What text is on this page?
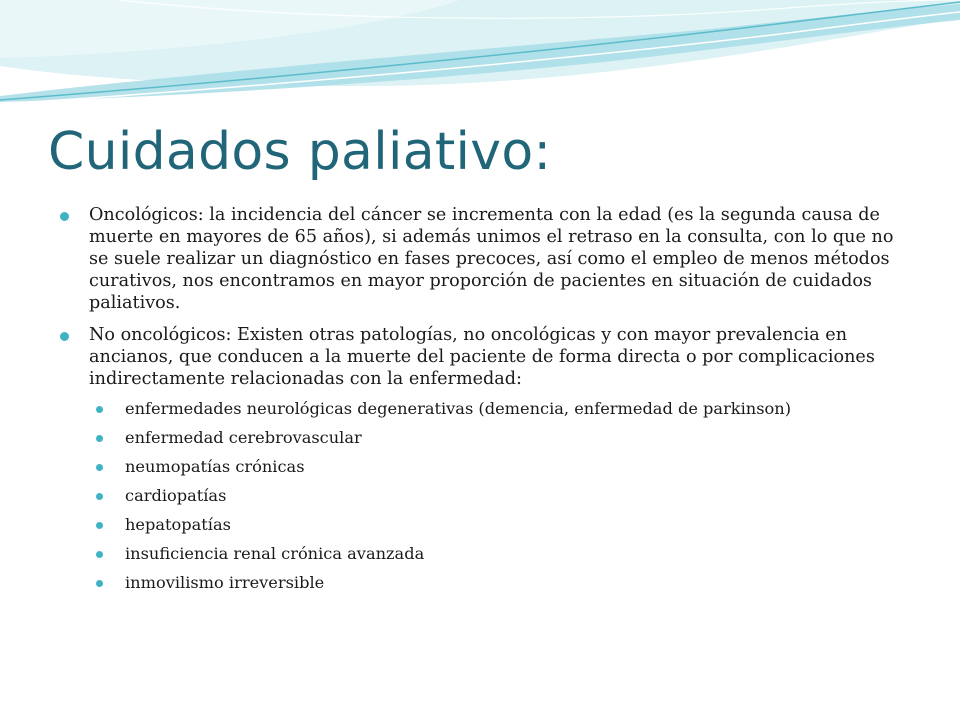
Cuidados paliativo:
Oncológicos: la incidencia del cáncer se incrementa con la edad (es la segunda causa de muerte en mayores de 65 años), si además unimos el retraso en la consulta, con lo que no se suele realizar un diagnóstico en fases precoces, así como el empleo de menos métodos curativos, nos encontramos en mayor proporción de pacientes en situación de cuidados paliativos.
No oncológicos: Existen otras patologías, no oncológicas y con mayor prevalencia en ancianos, que conducen a la muerte del paciente de forma directa o por complicaciones indirectamente relacionadas con la enfermedad:
enfermedades neurológicas degenerativas (demencia, enfermedad de parkinson)
enfermedad cerebrovascular
neumopatías crónicas
cardiopatías
hepatopatías
insuficiencia renal crónica avanzada
inmovilismo irreversible
